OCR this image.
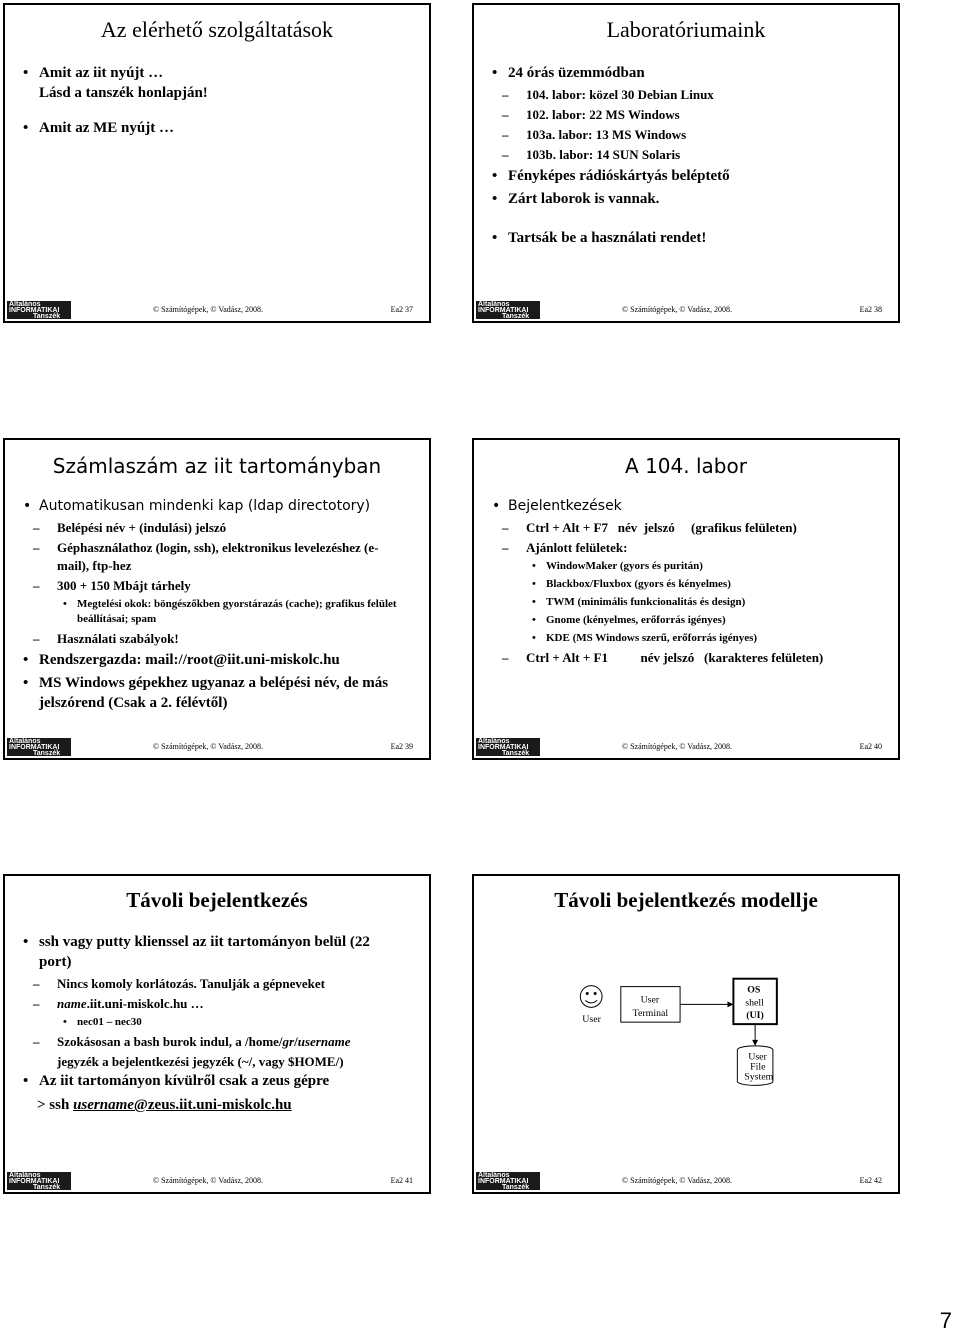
Az elérhető szolgáltatások
• Amit az iit nyújt …
Lásd a tanszék honlapján!
• Amit az ME nyújt …
Általános
INFORMATIKAI
Tanszék
© Számítógépek, © Vadász, 2008.	Ea2 37
Laboratóriumaink
• 24 órás üzemmódban
– 104. labor: közel 30 Debian Linux
– 102. labor: 22 MS Windows
– 103a. labor: 13 MS Windows
– 103b. labor: 14 SUN Solaris
• Fényképes rádióskártyás beléptető
• Zárt laborok is vannak.
• Tartsák be a használati rendet!
Általános
INFORMATIKAI
Tanszék
© Számítógépek, © Vadász, 2008.	Ea2 38
Számlaszám az iit tartományban
• Automatikusan mindenki kap (ldap directotory)
– Belépési név + (indulási) jelszó
– Géphasználathoz (login, ssh), elektronikus levelezéshez (e-mail), ftp-hez
– 300 + 150 Mbájt tárhely
• Megtelési okok: böngészőkben gyorstárazás (cache); grafikus felület beállításai; spam
– Használati szabályok!
• Rendszergazda: mail://root@iit.uni-miskolc.hu
• MS Windows gépekhez ugyanaz a belépési név, de más jelszórend (Csak a 2. félévtől)
Általános
INFORMATIKAI
Tanszék
© Számítógépek, © Vadász, 2008.	Ea2 39
A 104. labor
• Bejelentkezések
– Ctrl + Alt + F7   név  jelszó     (grafikus felületen)
– Ajánlott felületek:
• WindowMaker (gyors és puritán)
• Blackbox/Fluxbox (gyors és kényelmes)
• TWM (minimális funkcionalitás és design)
• Gnome (kényelmes, erőforrás igényes)
• KDE (MS Windows szerű, erőforrás igényes)
– Ctrl + Alt + F1          név jelszó   (karakteres felületen)
Általános
INFORMATIKAI
Tanszék
© Számítógépek, © Vadász, 2008.	Ea2 40
Távoli bejelentkezés
• ssh vagy putty klienssel az iit tartományon belül (22 port)
– Nincs komoly korlátozás. Tanulják a gépneveket
– name.iit.uni-miskolc.hu …
• nec01 – nec30
– Szokásosan a bash burok indul, a /home/gr/username
jegyzék a bejelentkezési jegyzék (~/, vagy $HOME/)
• Az iit tartományon kívülről csak a zeus gépre
> ssh username@zeus.iit.uni-miskolc.hu
Általános
INFORMATIKAI
Tanszék
© Számítógépek, © Vadász, 2008.	Ea2 41
Távoli bejelentkezés modellje
User
User
Terminal
OS
shell
(UI)
User
File
System
Általános
INFORMATIKAI
Tanszék
© Számítógépek, © Vadász, 2008.	Ea2 42
7
